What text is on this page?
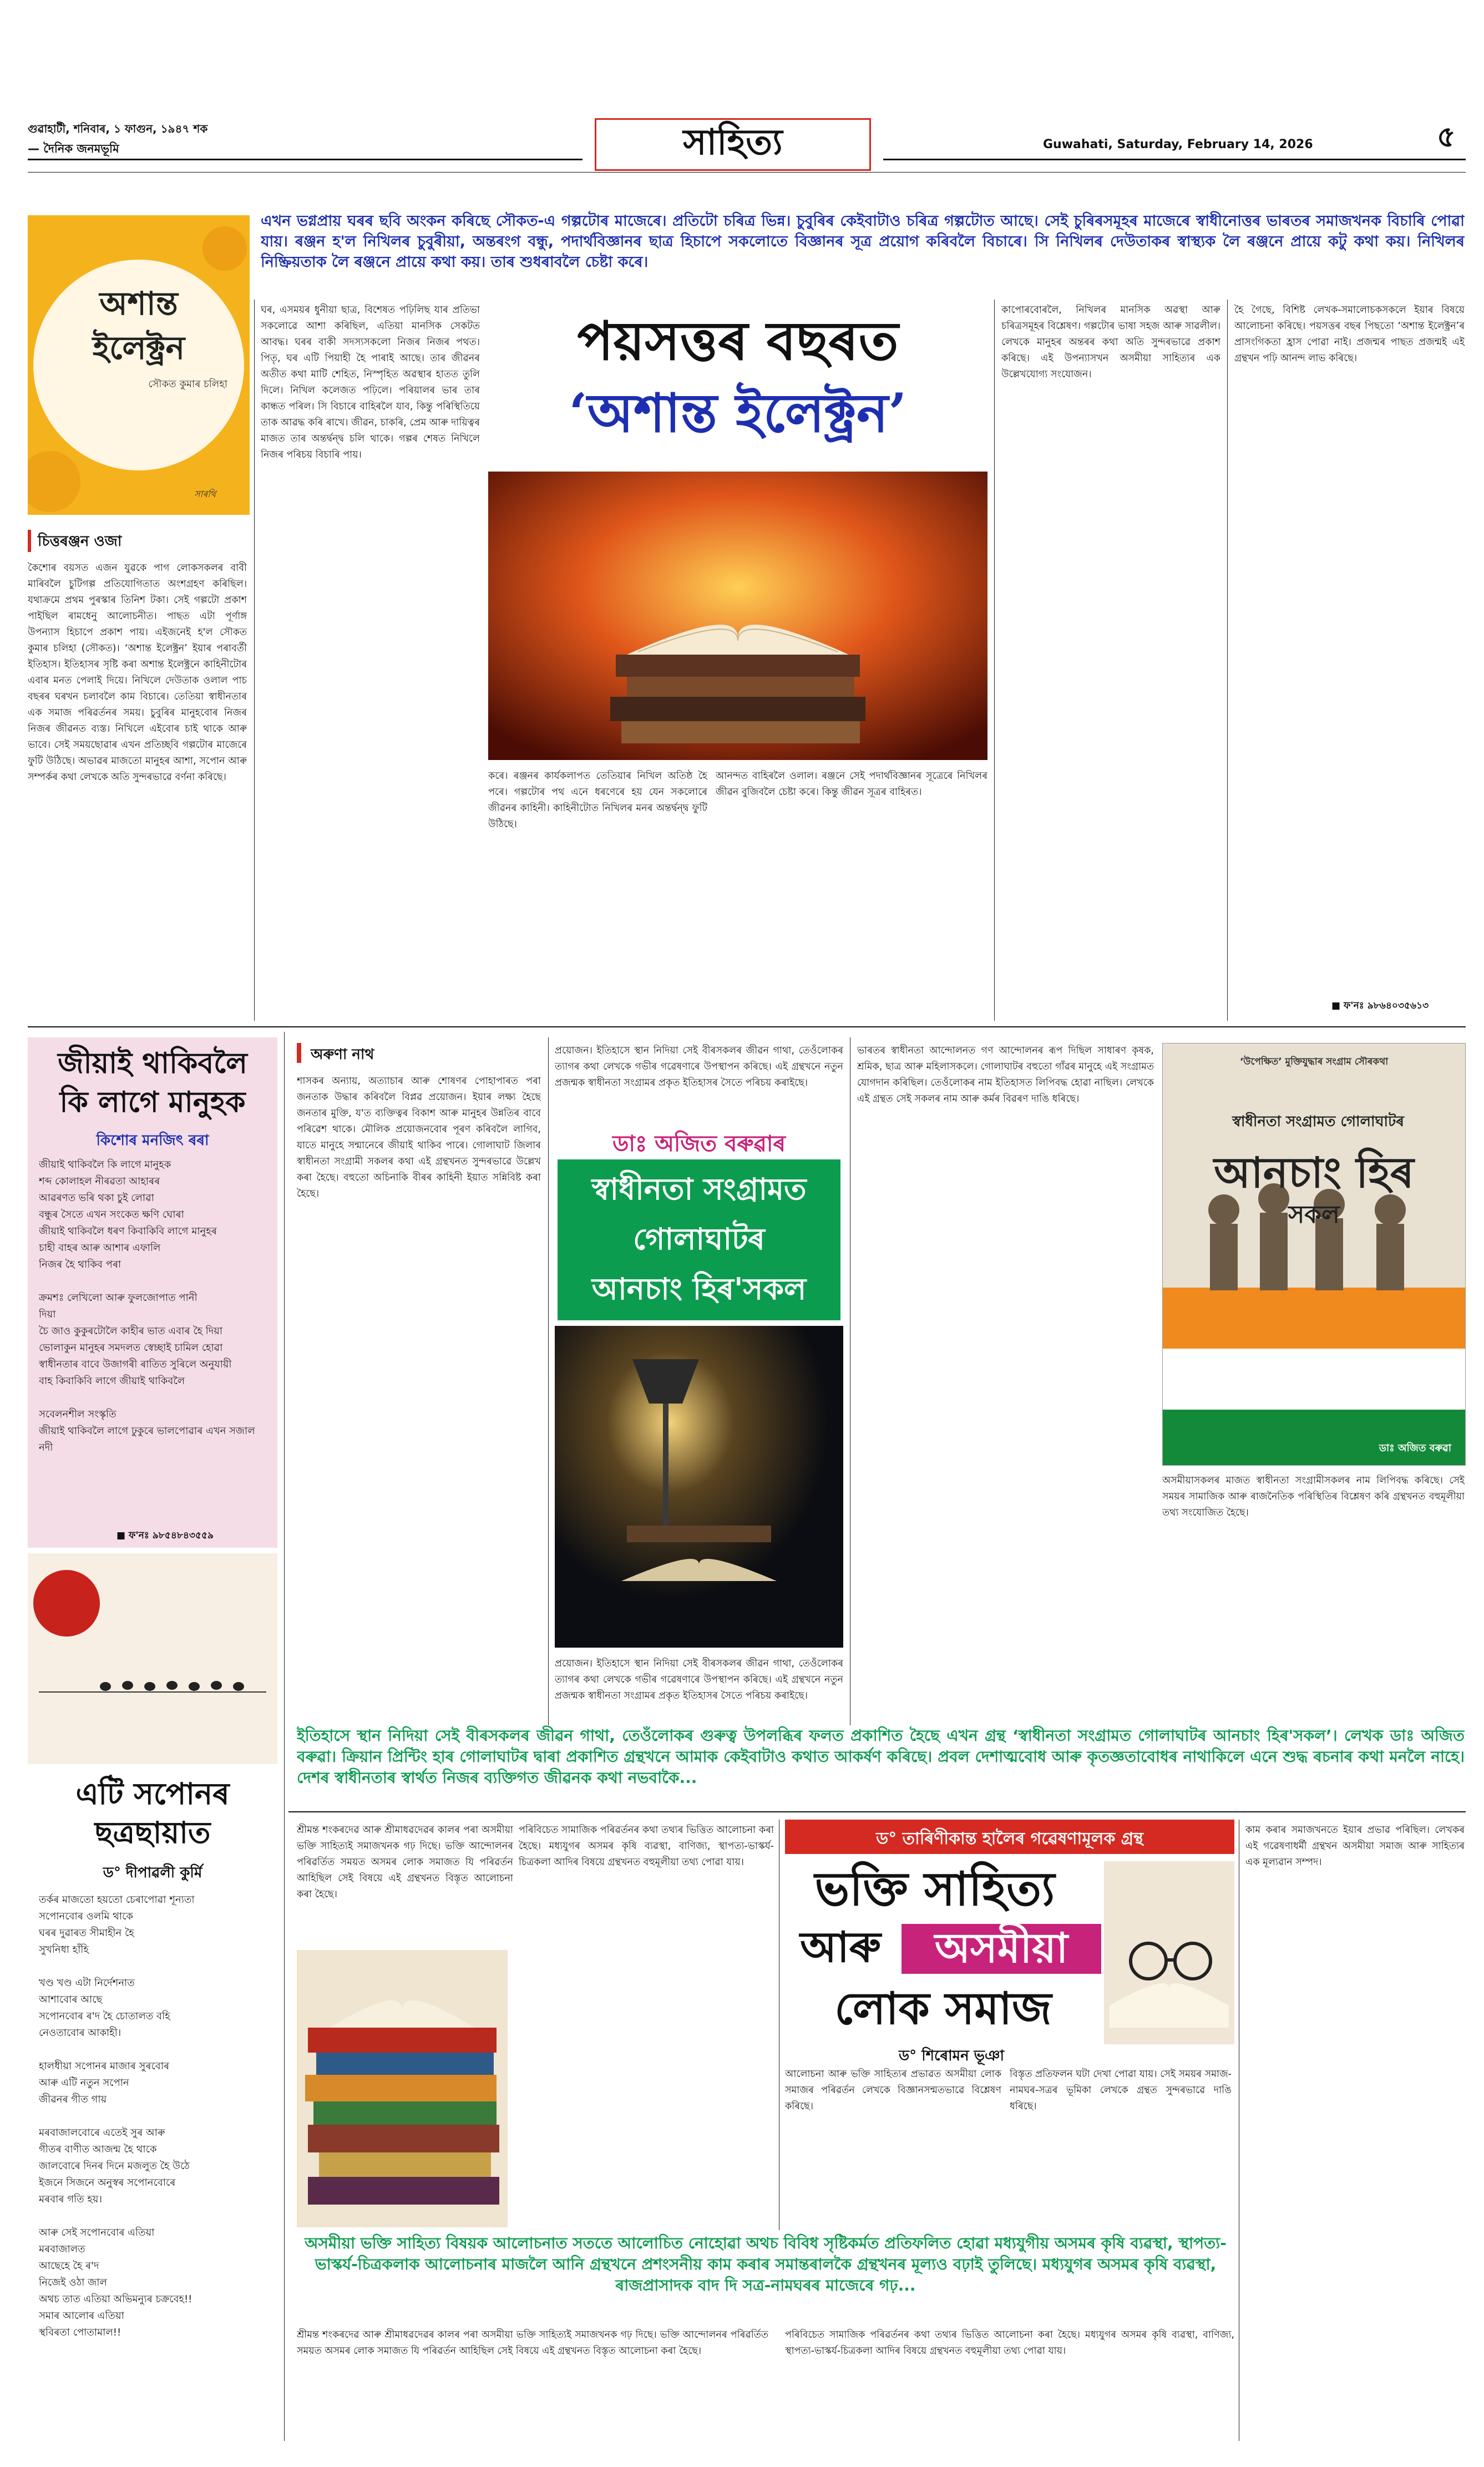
গুৱাহাটী, শনিবাৰ, ১ ফাগুন, ১৯৪৭ শক
— দৈনিক জনমভূমি	সাহিত্য	Guwahati, Saturday, February 14, 2026	৫
এখন ভগ্নপ্ৰায় ঘৰৰ ছবি অংকন কৰিছে সৌকত-এ গল্পটোৰ মাজেৰে। প্ৰতিটো চৰিত্ৰ ভিন্ন। চুবুৰিৰ কেইবাটাও চৰিত্ৰ গল্পটোত আছে। সেই চুৰিৰসমূহৰ মাজেৰে স্বাধীনোত্তৰ ভাৰতৰ সমাজখনক বিচাৰি পোৱা যায়। ৰঞ্জন হ'ল নিখিলৰ চুবুৰীয়া, অন্তৰংগ বন্ধু, পদাৰ্থবিজ্ঞানৰ ছাত্ৰ হিচাপে সকলোতে বিজ্ঞানৰ সূত্ৰ প্ৰয়োগ কৰিবলৈ বিচাৰে। সি নিখিলৰ দেউতাকৰ স্বাস্থ্যক লৈ ৰঞ্জনে প্ৰায়ে কটু কথা কয়। নিখিলৰ নিষ্ক্ৰিয়তাক লৈ ৰঞ্জনে প্ৰায়ে কথা কয়। তাৰ শুধৰাবলৈ চেষ্টা কৰে।
অশান্ত
ইলেক্ট্ৰন
সৌকত কুমাৰ চলিহা
সাৰথি
চিত্তৰঞ্জন ওজা
কৈশোৰ বয়সত এজন যুৱকে পাগ লোকসকলৰ বাবী মাৰিবলৈ চুটিগল্প প্ৰতিযোগিতাত অংশগ্ৰহণ কৰিছিল। যথাক্ৰমে প্ৰথম পুৰস্কাৰ তিনিশ টকা। সেই গল্পটো প্ৰকাশ পাইছিল ৰামধেনু আলোচনীত। পাছত এটা পূৰ্ণাঙ্গ উপন্যাস হিচাপে প্ৰকাশ পায়। এইজনেই হ'ল সৌকত কুমাৰ চলিহা (সৌকত)। ‘অশান্ত ইলেক্ট্ৰন’ ইয়াৰ পৰাবৰ্তী ইতিহাস। ইতিহাসৰ সৃষ্টি কৰা অশান্ত ইলেক্ট্ৰনে কাহিনীটোৰ এবাৰ মনত পেলাই দিয়ে। নিখিলে দেউতাক ওলাল পাচ বছৰৰ ঘৰখন চলাবলৈ কাম বিচাৰে। তেতিয়া স্বাধীনতাৰ এক সমাজ পৰিৱৰ্তনৰ সময়। চুবুৰিৰ মানুহবোৰ নিজৰ নিজৰ জীৱনত ব্যস্ত। নিখিলে এইবোৰ চাই থাকে আৰু ভাবে। সেই সময়ছোৱাৰ এখন প্ৰতিচ্ছবি গল্পটোৰ মাজেৰে ফুটি উঠিছে। অভাৱৰ মাজতো মানুহৰ আশা, সপোন আৰু সম্পৰ্কৰ কথা লেখকে অতি সুন্দৰভাৱে বৰ্ণনা কৰিছে।
ঘৰ, এসময়ৰ ধুনীয়া ছাত্ৰ, বিশেষত পঢ়িলিছ যাৰ প্ৰতিভা সকলোৱে আশা কৰিছিল, এতিয়া মানসিক সেকটত আবদ্ধ। ঘৰৰ বাকী সদস্যসকলো নিজৰ নিজৰ পথত। পিতৃ, ঘৰ এটি পিয়াহী হৈ পাৰাই আছে। তাৰ জীৱনৰ অতীত কথা মাটি শেহিত, নিস্পৃহিত অৱস্থাৰ হাতত তুলি দিলে। নিখিল কলেজত পঢ়িলে। পৰিয়ালৰ ভাৰ তাৰ কান্ধত পৰিল। সি বিচাৰে বাহিৰলৈ যাব, কিন্তু পৰিস্থিতিয়ে তাক আৱদ্ধ কৰি ৰাখে। জীৱন, চাকৰি, প্ৰেম আৰু দায়িত্বৰ মাজত তাৰ অন্তৰ্দ্বন্দ্ব চলি থাকে। গল্পৰ শেষত নিখিলে নিজৰ পৰিচয় বিচাৰি পায়।
পয়সত্তৰ বছৰত
‘অশান্ত ইলেক্ট্ৰন’
কৰে। ৰঞ্জনৰ কাৰ্যকলাপত তেতিয়াৰ নিখিল অতিষ্ঠ হৈ পৰে। গল্পটোৰ পথ এনে ধৰণেৰে হয় যেন সকলোৰে জীৱনৰ কাহিনী। কাহিনীটোত নিখিলৰ মনৰ অন্তৰ্দ্বন্দ্ব ফুটি উঠিছে।
আনন্দত বাহিৰলৈ ওলাল। ৰঞ্জনে সেই পদাৰ্থবিজ্ঞানৰ সূত্ৰেৰে নিখিলৰ জীৱন বুজিবলৈ চেষ্টা কৰে। কিন্তু জীৱন সূত্ৰৰ বাহিৰত।
কাপোৰবোৰলৈ, নিখিলৰ মানসিক অৱস্থা আৰু চৰিত্ৰসমূহৰ বিশ্লেষণ। গল্পটোৰ ভাষা সহজ আৰু সাৱলীল। লেখকে মানুহৰ অন্তৰৰ কথা অতি সুন্দৰভাৱে প্ৰকাশ কৰিছে। এই উপন্যাসখন অসমীয়া সাহিত্যৰ এক উল্লেখযোগ্য সংযোজন।
হৈ গৈছে, বিশিষ্ট লেখক-সমালোচকসকলে ইয়াৰ বিষয়ে আলোচনা কৰিছে। পয়সত্তৰ বছৰ পিছতো ‘অশান্ত ইলেক্ট্ৰন’ৰ প্ৰাসংগিকতা হ্ৰাস পোৱা নাই। প্ৰজন্মৰ পাছত প্ৰজন্মই এই গ্ৰন্থখন পঢ়ি আনন্দ লাভ কৰিছে।
■ ফ'নঃ ৯৮৬৪০৩৫৬১৩
জীয়াই থাকিবলৈ
কি লাগে মানুহক
কিশোৰ মনজিৎ ৰৰা
জীয়াই থাকিবলৈ কি লাগে মানুহক
শব্দ কোলাহল নীৰৱতা আহাৰৰ
আৱৰণত ভৰি থকা চুই লোৱা
বন্ধুৰ সৈতে এখন সংকেত ক্ষণি ঘোৰা
জীয়াই থাকিবলৈ ধৰণ কিবাকিবি লাগে মানুহৰ
চাহী বাহৰ আৰু আশাৰ এফালি
নিজৰ হৈ থাকিব পৰা

ক্ৰমশঃ লেখিলো আৰু ফুলজোপাত পানী
দিয়া
চৈ জাও কুকুৰটোলৈ কাহীৰ ভাত এবাৰ হৈ দিয়া
ভোলাকুন মানুহৰ সমদলত স্বেচ্ছাই চামিল হোৱা
স্বাধীনতাৰ বাবে উজাগৰী ৰাতিত সুৰিলে অনুযায়ী
বাহ কিবাকিবি লাগে জীয়াই থাকিবলৈ

সবেলনশীল সংস্কৃতি
জীয়াই থাকিবলৈ লাগে ঢুকুৰে ভালপোৱাৰ এখন সজাল নদী
■ ফ'নঃ ৯৮৫৪৮৪৩৫৫৯
এটি সপোনৰ
ছত্ৰছায়াত
ড° দীপাৱলী কুৰ্মি
তৰ্কৰ মাজতো হয়তো চেৰাপোৱা শূন্যতা
সপোনবোৰ ওলমি থাকে
ঘৰৰ দুৱাৰত সীমাহীন হৈ
সুখনিধা হাঁহি

খণ্ড খণ্ড এটা নিৰ্দেশনাত
আশাবোৰ আছে
সপোনবোৰ ৰ'দ হৈ চোতালত বহি
নেওতাবোৰ আকাহী।

হালধীয়া সপোনৰ মাজাৰ সুৰবোৰ
আৰু এটি নতুন সপোন
জীৱনৰ গীত গায়

মৰবাজালবোৰে এতেই সুৰ আৰু
গীতৰ বাণীত আজন্ম হৈ থাকে
জালবোৰে দিনৰ দিনে মজলুত হৈ উঠে
ইজনে সিজনে অনুস্বৰ সপোনবোৰে
মৰবাৰ গতি হয়।

আৰু সেই সপোনবোৰ এতিয়া
মৰবাজালত
আছেহে হৈ ৰ'দ
নিজেই ওঠা জাল
অথচ তাত এতিয়া অভিমন্যুৰ চক্ৰবেহ!!
সমাৰ আলোৰ এতিয়া
স্থবিৰতা পোতামাল!!
অৰুণা নাথ
শাসকৰ অন্যায়, অত্যাচাৰ আৰু শোষণৰ পোহাপাৰত পৰা জনতাক উদ্ধাৰ কৰিবলৈ বিপ্লৱ প্ৰয়োজন। ইয়াৰ লক্ষ্য হৈছে জনতাৰ মুক্তি, য'ত ব্যক্তিত্বৰ বিকাশ আৰু মানুহৰ উন্নতিৰ বাবে পৰিৱেশ থাকে। মৌলিক প্ৰয়োজনবোৰ পূৰণ কৰিবলৈ লাগিব, যাতে মানুহে সন্মানেৰে জীয়াই থাকিব পাৰে। গোলাঘাট জিলাৰ স্বাধীনতা সংগ্ৰামী সকলৰ কথা এই গ্ৰন্থখনত সুন্দৰভাৱে উল্লেখ কৰা হৈছে। বহুতো অচিনাকি বীৰৰ কাহিনী ইয়াত সন্নিবিষ্ট কৰা হৈছে।
প্ৰয়োজন। ইতিহাসে স্থান নিদিয়া সেই বীৰসকলৰ জীৱন গাথা, তেওঁলোকৰ ত্যাগৰ কথা লেখকে গভীৰ গৱেষণাৰে উপস্থাপন কৰিছে। এই গ্ৰন্থখনে নতুন প্ৰজন্মক স্বাধীনতা সংগ্ৰামৰ প্ৰকৃত ইতিহাসৰ সৈতে পৰিচয় কৰাইছে।
ডাঃ অজিত বৰুৱাৰ
স্বাধীনতা সংগ্ৰামত
গোলাঘাটৰ
আনচাং হিৰ'সকল
প্ৰয়োজন। ইতিহাসে স্থান নিদিয়া সেই বীৰসকলৰ জীৱন গাথা, তেওঁলোকৰ ত্যাগৰ কথা লেখকে গভীৰ গৱেষণাৰে উপস্থাপন কৰিছে। এই গ্ৰন্থখনে নতুন প্ৰজন্মক স্বাধীনতা সংগ্ৰামৰ প্ৰকৃত ইতিহাসৰ সৈতে পৰিচয় কৰাইছে।
ভাৰতৰ স্বাধীনতা আন্দোলনত গণ আন্দোলনৰ ৰূপ দিছিল সাধাৰণ কৃষক, শ্ৰমিক, ছাত্ৰ আৰু মহিলাসকলে। গোলাঘাটৰ বহুতো গাঁৱৰ মানুহে এই সংগ্ৰামত যোগদান কৰিছিল। তেওঁলোকৰ নাম ইতিহাসত লিপিবদ্ধ হোৱা নাছিল। লেখকে এই গ্ৰন্থত সেই সকলৰ নাম আৰু কৰ্মৰ বিৱৰণ দাঙি ধৰিছে।
‘উপেক্ষিত’ মুক্তিযুদ্ধাৰ সংগ্ৰাম সৌৰকথা
স্বাধীনতা সংগ্ৰামত গোলাঘাটৰ
আনচাং হিৰ
সকল
ডাঃ অজিত বৰুৱা
অসমীয়াসকলৰ মাজত স্বাধীনতা সংগ্ৰামীসকলৰ নাম লিপিবদ্ধ কৰিছে। সেই সময়ৰ সামাজিক আৰু ৰাজনৈতিক পৰিস্থিতিৰ বিশ্লেষণ কৰি গ্ৰন্থখনত বহুমূলীয়া তথ্য সংযোজিত হৈছে।
ইতিহাসে স্থান নিদিয়া সেই বীৰসকলৰ জীৱন গাথা, তেওঁলোকৰ গুৰুত্ব উপলব্ধিৰ ফলত প্ৰকাশিত হৈছে এখন গ্ৰন্থ ‘স্বাধীনতা সংগ্ৰামত গোলাঘাটৰ আনচাং হিৰ'সকল’। লেখক ডাঃ অজিত বৰুৱা। ক্ৰিয়ান প্ৰিন্টিং হাৰ গোলাঘাটৰ দ্বাৰা প্ৰকাশিত গ্ৰন্থখনে আমাক কেইবাটাও কথাত আকৰ্ষণ কৰিছে। প্ৰবল দেশাত্মবোধ আৰু কৃতজ্ঞতাবোধৰ নাথাকিলে এনে শুদ্ধ ৰচনাৰ কথা মনলৈ নাহে। দেশৰ স্বাধীনতাৰ স্বাৰ্থত নিজৰ ব্যক্তিগত জীৱনক কথা নভবাকৈ...
শ্ৰীমন্ত শংকৰদেৱ আৰু শ্ৰীমাধৱদেৱৰ কালৰ পৰা অসমীয়া ভক্তি সাহিত্যই সমাজখনক গঢ় দিছে। ভক্তি আন্দোলনৰ পৰিৱৰ্তিত সময়ত অসমৰ লোক সমাজত যি পৰিৱৰ্তন আহিছিল সেই বিষয়ে এই গ্ৰন্থখনত বিস্তৃত আলোচনা কৰা হৈছে।
পৰিবিচেত সামাজিক পৰিৱৰ্তনৰ কথা তথ্যৰ ভিত্তিত আলোচনা কৰা হৈছে। মধ্যযুগৰ অসমৰ কৃষি ব্যৱস্থা, বাণিজ্য, স্থাপত্য-ভাস্কৰ্য-চিত্ৰকলা আদিৰ বিষয়ে গ্ৰন্থখনত বহুমূলীয়া তথ্য পোৱা যায়।
ড° তাৰিণীকান্ত হালৈৰ গৱেষণামূলক গ্ৰন্থ
ভক্তি সাহিত্য
আৰু	অসমীয়া
লোক সমাজ
ড° শিৰোমন ভূঞা
আলোচনা আৰু ভক্তি সাহিত্যৰ প্ৰভাৱত অসমীয়া লোক সমাজৰ পৰিৱৰ্তন লেখকে বিজ্ঞানসন্মতভাৱে বিশ্লেষণ কৰিছে।
বিস্তৃত প্ৰতিফলন ঘটা দেখা পোৱা যায়। সেই সময়ৰ সমাজ-নামঘৰ-সত্ৰৰ ভূমিকা লেখকে গ্ৰন্থত সুন্দৰভাৱে দাঙি ধৰিছে।
কাম কৰাৰ সমাজখনতে ইয়াৰ প্ৰভাৱ পৰিছিল। লেখকৰ এই গৱেষণাধৰ্মী গ্ৰন্থখন অসমীয়া সমাজ আৰু সাহিত্যৰ এক মূল্যৱান সম্পদ।
অসমীয়া ভক্তি সাহিত্য বিষয়ক আলোচনাত সততে আলোচিত নোহোৱা অথচ বিবিধ সৃষ্টিকৰ্মত প্ৰতিফলিত হোৱা মধ্যযুগীয় অসমৰ কৃষি ব্যৱস্থা, স্থাপত্য-ভাস্কৰ্য-চিত্ৰকলাক আলোচনাৰ মাজলৈ আনি গ্ৰন্থখনে প্ৰশংসনীয় কাম কৰাৰ সমান্তৰালকৈ গ্ৰন্থখনৰ মূল্যও বঢ়াই তুলিছে। মধ্যযুগৰ অসমৰ কৃষি ব্যৱস্থা, ৰাজপ্ৰাসাদক বাদ দি সত্ৰ-নামঘৰৰ মাজেৰে গঢ়...
শ্ৰীমন্ত শংকৰদেৱ আৰু শ্ৰীমাধৱদেৱৰ কালৰ পৰা অসমীয়া ভক্তি সাহিত্যই সমাজখনক গঢ় দিছে। ভক্তি আন্দোলনৰ পৰিৱৰ্তিত সময়ত অসমৰ লোক সমাজত যি পৰিৱৰ্তন আহিছিল সেই বিষয়ে এই গ্ৰন্থখনত বিস্তৃত আলোচনা কৰা হৈছে।
পৰিবিচেত সামাজিক পৰিৱৰ্তনৰ কথা তথ্যৰ ভিত্তিত আলোচনা কৰা হৈছে। মধ্যযুগৰ অসমৰ কৃষি ব্যৱস্থা, বাণিজ্য, স্থাপত্য-ভাস্কৰ্য-চিত্ৰকলা আদিৰ বিষয়ে গ্ৰন্থখনত বহুমূলীয়া তথ্য পোৱা যায়।
